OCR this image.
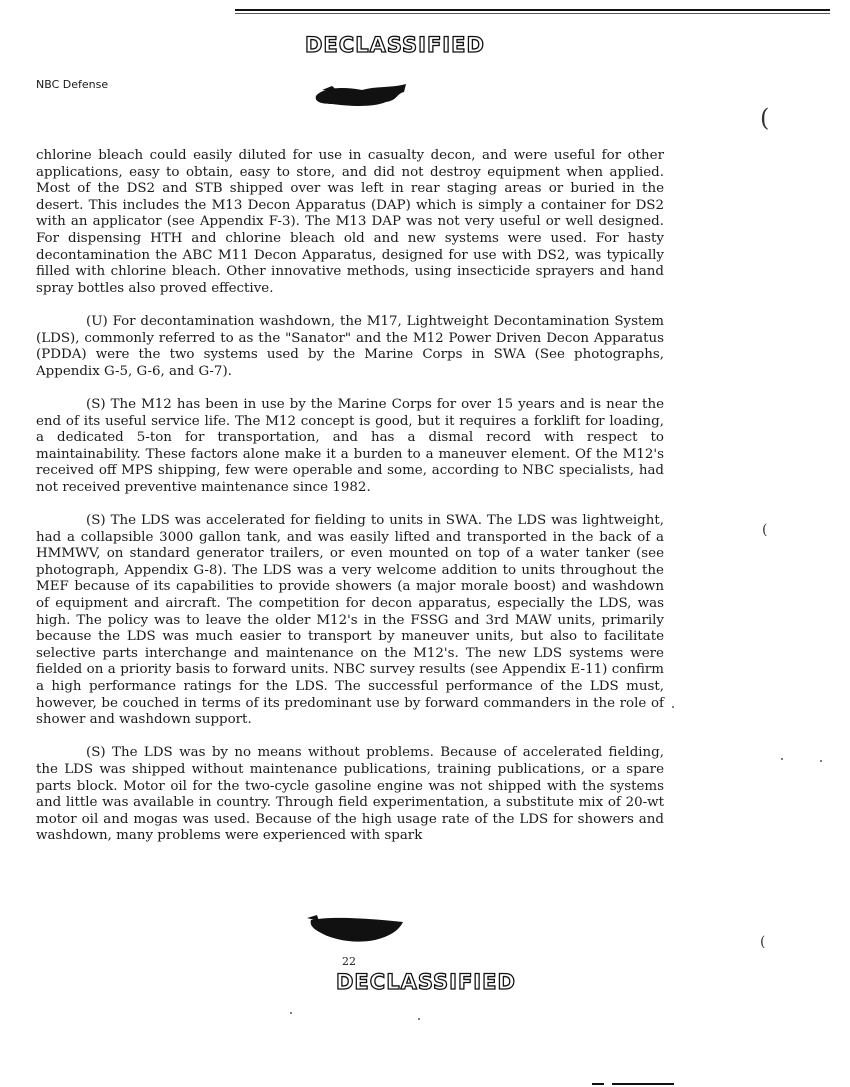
DECLASSIFIED
NBC Defense

chlorine bleach could easily diluted for use in casualty decon, and were useful for other applications, easy to obtain, easy to store, and did not destroy equipment when applied. Most of the DS2 and STB shipped over was left in rear staging areas or buried in the desert. This includes the M13 Decon Apparatus (DAP) which is simply a container for DS2 with an applicator (see Appendix F-3). The M13 DAP was not very useful or well designed. For dispensing HTH and chlorine bleach old and new systems were used. For hasty decontamination the ABC M11 Decon Apparatus, designed for use with DS2, was typically filled with chlorine bleach. Other innovative methods, using insecticide sprayers and hand spray bottles also proved effective.

(U) For decontamination washdown, the M17, Lightweight Decontamination System (LDS), commonly referred to as the "Sanator" and the M12 Power Driven Decon Apparatus (PDDA) were the two systems used by the Marine Corps in SWA (See photographs, Appendix G-5, G-6, and G-7).

(S) The M12 has been in use by the Marine Corps for over 15 years and is near the end of its useful service life. The M12 concept is good, but it requires a forklift for loading, a dedicated 5-ton for transportation, and has a dismal record with respect to maintainability. These factors alone make it a burden to a maneuver element. Of the M12's received off MPS shipping, few were operable and some, according to NBC specialists, had not received preventive maintenance since 1982.

(S) The LDS was accelerated for fielding to units in SWA. The LDS was lightweight, had a collapsible 3000 gallon tank, and was easily lifted and transported in the back of a HMMWV, on standard generator trailers, or even mounted on top of a water tanker (see photograph, Appendix G-8). The LDS was a very welcome addition to units throughout the MEF because of its capabilities to provide showers (a major morale boost) and washdown of equipment and aircraft. The competition for decon apparatus, especially the LDS, was high. The policy was to leave the older M12's in the FSSG and 3rd MAW units, primarily because the LDS was much easier to transport by maneuver units, but also to facilitate selective parts interchange and maintenance on the M12's. The new LDS systems were fielded on a priority basis to forward units. NBC survey results (see Appendix E-11) confirm a high performance ratings for the LDS. The successful performance of the LDS must, however, be couched in terms of its predominant use by forward commanders in the role of shower and washdown support.

(S) The LDS was by no means without problems. Because of accelerated fielding, the LDS was shipped without maintenance publications, training publications, or a spare parts block. Motor oil for the two-cycle gasoline engine was not shipped with the systems and little was available in country. Through field experimentation, a substitute mix of 20-wt motor oil and mogas was used. Because of the high usage rate of the LDS for showers and washdown, many problems were experienced with spark

22
DECLASSIFIED
(
(
(
